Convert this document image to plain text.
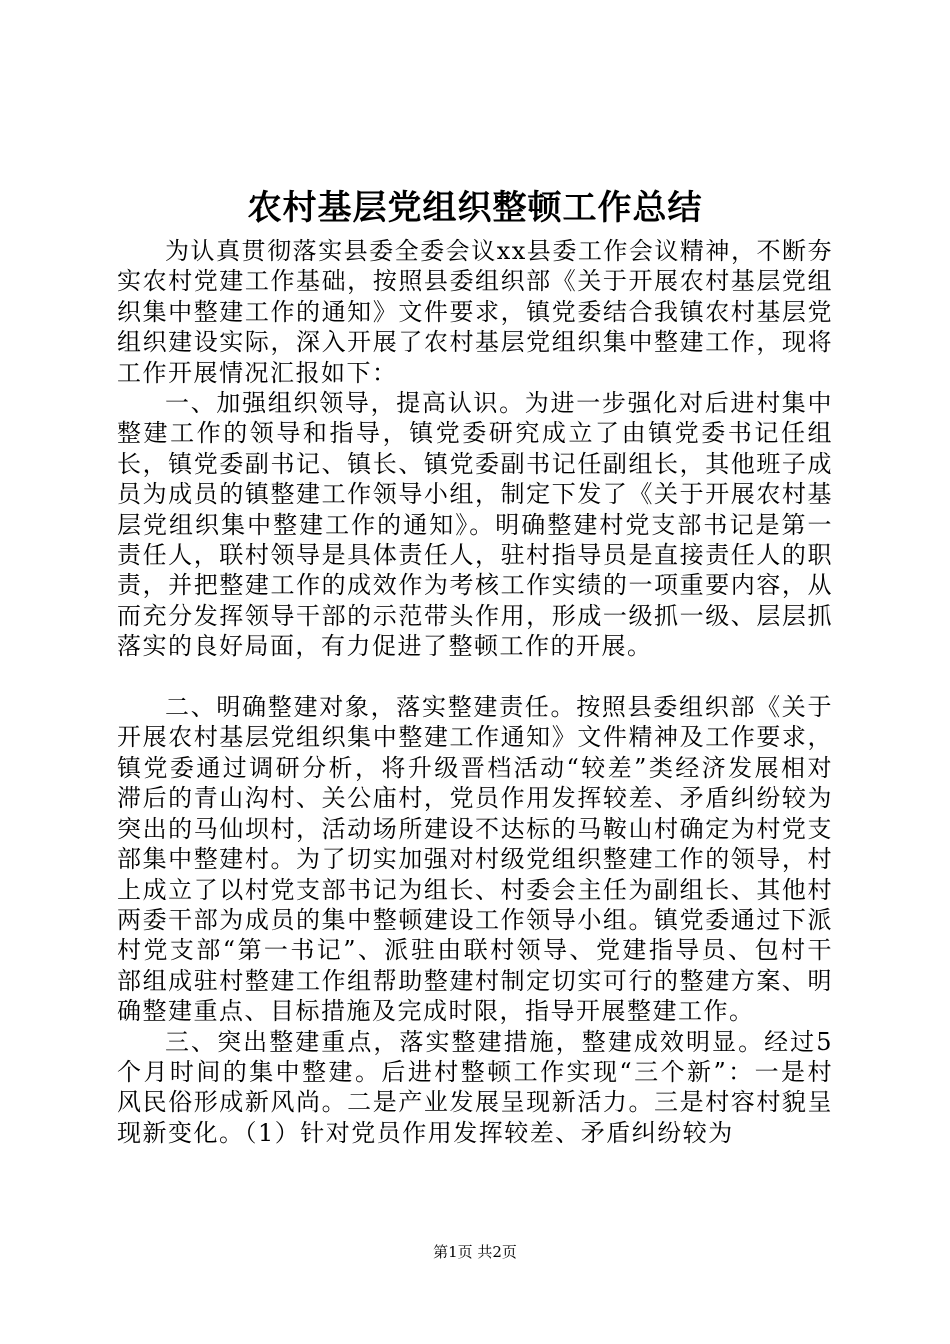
农村基层党组织整顿工作总结

为认真贯彻落实县委全委会议xx县委工作会议精神，不断夯实农村党建工作基础，按照县委组织部《关于开展农村基层党组织集中整建工作的通知》文件要求，镇党委结合我镇农村基层党组织建设实际，深入开展了农村基层党组织集中整建工作，现将工作开展情况汇报如下：

一、加强组织领导，提高认识。为进一步强化对后进村集中整建工作的领导和指导，镇党委研究成立了由镇党委书记任组长，镇党委副书记、镇长、镇党委副书记任副组长，其他班子成员为成员的镇整建工作领导小组，制定下发了《关于开展农村基层党组织集中整建工作的通知》。明确整建村党支部书记是第一责任人，联村领导是具体责任人，驻村指导员是直接责任人的职责，并把整建工作的成效作为考核工作实绩的一项重要内容，从而充分发挥领导干部的示范带头作用，形成一级抓一级、层层抓落实的良好局面，有力促进了整顿工作的开展。

二、明确整建对象，落实整建责任。按照县委组织部《关于开展农村基层党组织集中整建工作通知》文件精神及工作要求，镇党委通过调研分析，将升级晋档活动“较差”类经济发展相对滞后的青山沟村、关公庙村，党员作用发挥较差、矛盾纠纷较为突出的马仙坝村，活动场所建设不达标的马鞍山村确定为村党支部集中整建村。为了切实加强对村级党组织整建工作的领导，村上成立了以村党支部书记为组长、村委会主任为副组长、其他村两委干部为成员的集中整顿建设工作领导小组。镇党委通过下派村党支部“第一书记”、派驻由联村领导、党建指导员、包村干部组成驻村整建工作组帮助整建村制定切实可行的整建方案、明确整建重点、目标措施及完成时限，指导开展整建工作。

三、突出整建重点，落实整建措施，整建成效明显。经过5个月时间的集中整建。后进村整顿工作实现“三个新”：一是村风民俗形成新风尚。二是产业发展呈现新活力。三是村容村貌呈现新变化。（1）针对党员作用发挥较差、矛盾纠纷较为

第1页 共2页
